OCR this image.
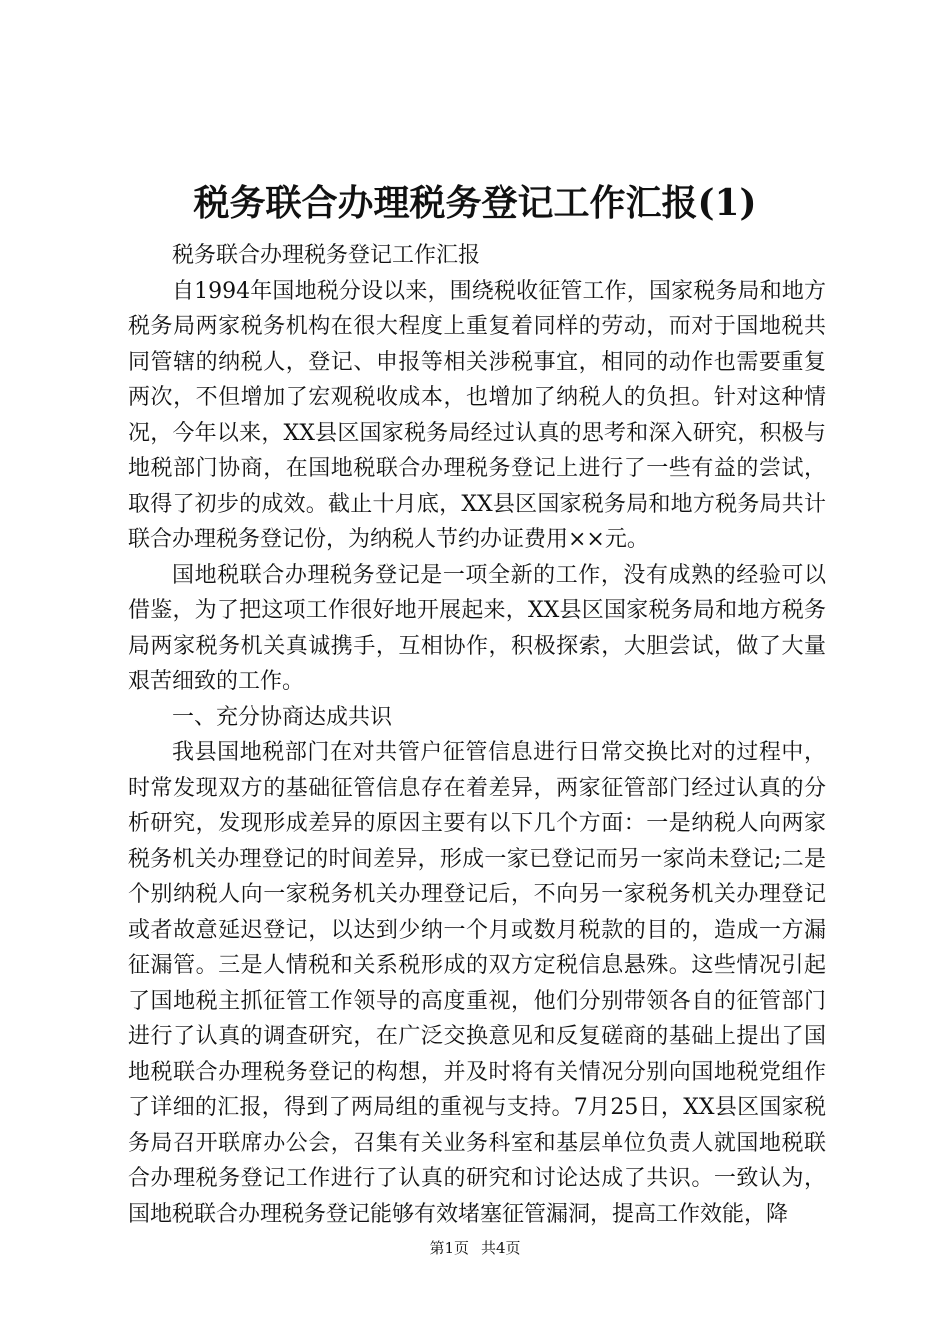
税务联合办理税务登记工作汇报(1)

税务联合办理税务登记工作汇报

自1994年国地税分设以来，围绕税收征管工作，国家税务局和地方税务局两家税务机构在很大程度上重复着同样的劳动，而对于国地税共同管辖的纳税人，登记、申报等相关涉税事宜，相同的动作也需要重复两次，不但增加了宏观税收成本，也增加了纳税人的负担。针对这种情况，今年以来，XX县区国家税务局经过认真的思考和深入研究，积极与地税部门协商，在国地税联合办理税务登记上进行了一些有益的尝试，取得了初步的成效。截止十月底，XX县区国家税务局和地方税务局共计联合办理税务登记份，为纳税人节约办证费用××元。

国地税联合办理税务登记是一项全新的工作，没有成熟的经验可以借鉴，为了把这项工作很好地开展起来，XX县区国家税务局和地方税务局两家税务机关真诚携手，互相协作，积极探索，大胆尝试，做了大量艰苦细致的工作。

一、充分协商达成共识

我县国地税部门在对共管户征管信息进行日常交换比对的过程中，时常发现双方的基础征管信息存在着差异，两家征管部门经过认真的分析研究，发现形成差异的原因主要有以下几个方面：一是纳税人向两家税务机关办理登记的时间差异，形成一家已登记而另一家尚未登记;二是个别纳税人向一家税务机关办理登记后，不向另一家税务机关办理登记或者故意延迟登记，以达到少纳一个月或数月税款的目的，造成一方漏征漏管。三是人情税和关系税形成的双方定税信息悬殊。这些情况引起了国地税主抓征管工作领导的高度重视，他们分别带领各自的征管部门进行了认真的调查研究，在广泛交换意见和反复磋商的基础上提出了国地税联合办理税务登记的构想，并及时将有关情况分别向国地税党组作了详细的汇报，得到了两局组的重视与支持。7月25日，XX县区国家税务局召开联席办公会，召集有关业务科室和基层单位负责人就国地税联合办理税务登记工作进行了认真的研究和讨论达成了共识。一致认为，国地税联合办理税务登记能够有效堵塞征管漏洞，提高工作效能，降

第1页 共4页
